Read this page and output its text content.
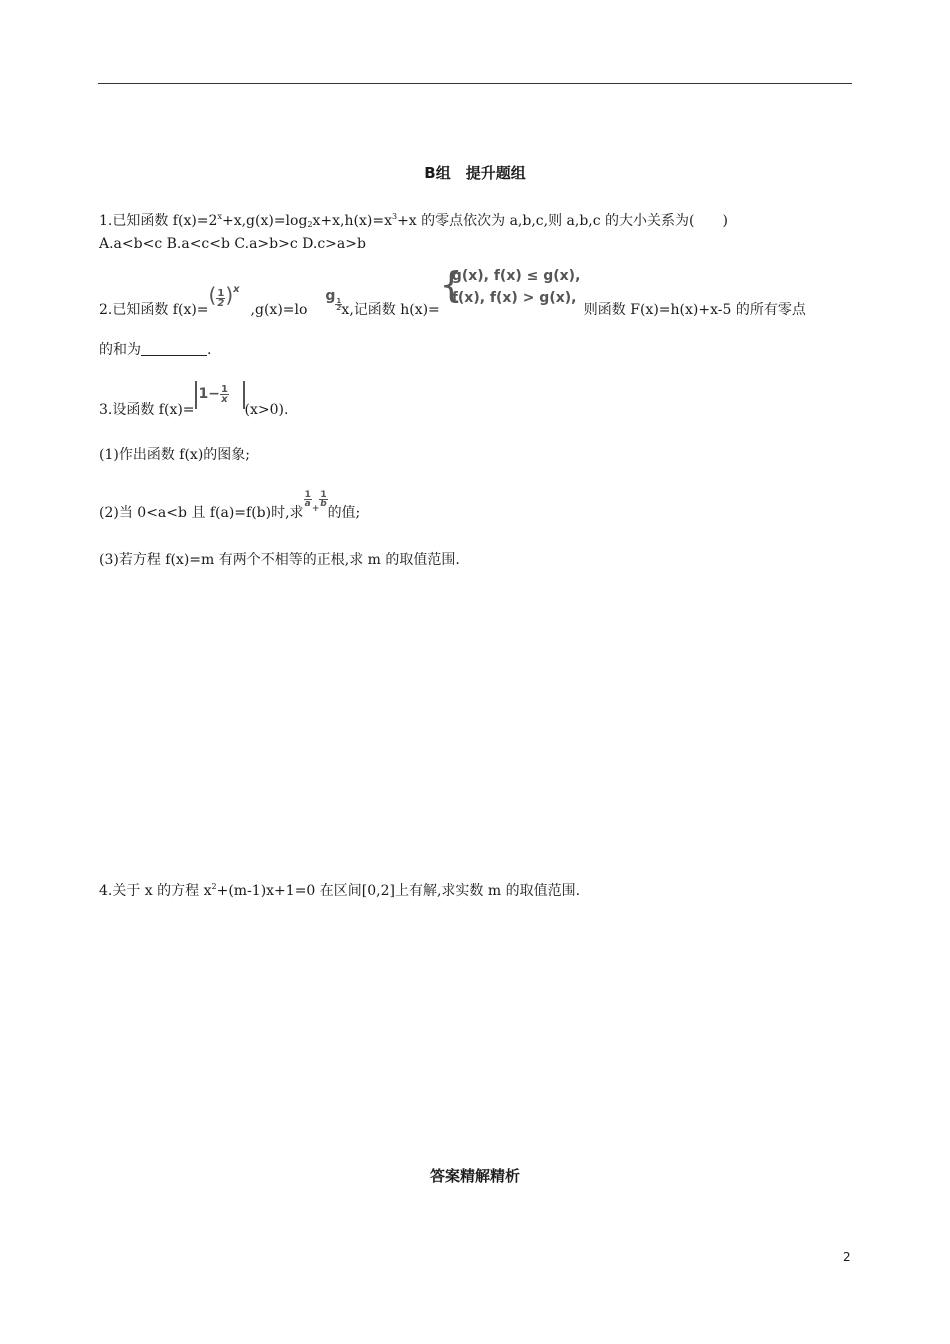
B组　提升题组
1.已知函数 $f(x)=2^x+x,g(x)=\log_2x+x,h(x)=x^3+x$ 的零点依次为 a,b,c,则 a,b,c 的大小关系为(　　)
A.a<b<c B.a<c<b C.a>b>c D.c>a>b
2.已知函数 $f(x)=( \frac{1}{2} )^x,g(x)=\log$
$\frac{1}{2} x$,记函数 h(x)=
{
g(x), f(x) ≤ g(x),
f(x), f(x) > g(x),
则函数 F(x)=h(x)+x-5 的所有零点
的和为	.
3.设函数 $f(x)=1- \frac{1}{x}$
(x>0).
(1)作出函数 f(x)的图象;
(2)当 0<a<b 且 f(a)=f(b)时,求
$\frac{1}{a}$
$_+$
$\frac{1}{b}$
的值;
(3)若方程 f(x)=m 有两个不相等的正根,求 m 的取值范围.
4.关于 x 的方程 $x^2+(m-1)x+1=0$ 在区间[0,2]上有解,求实数 m 的取值范围.
答案精解精析
2
